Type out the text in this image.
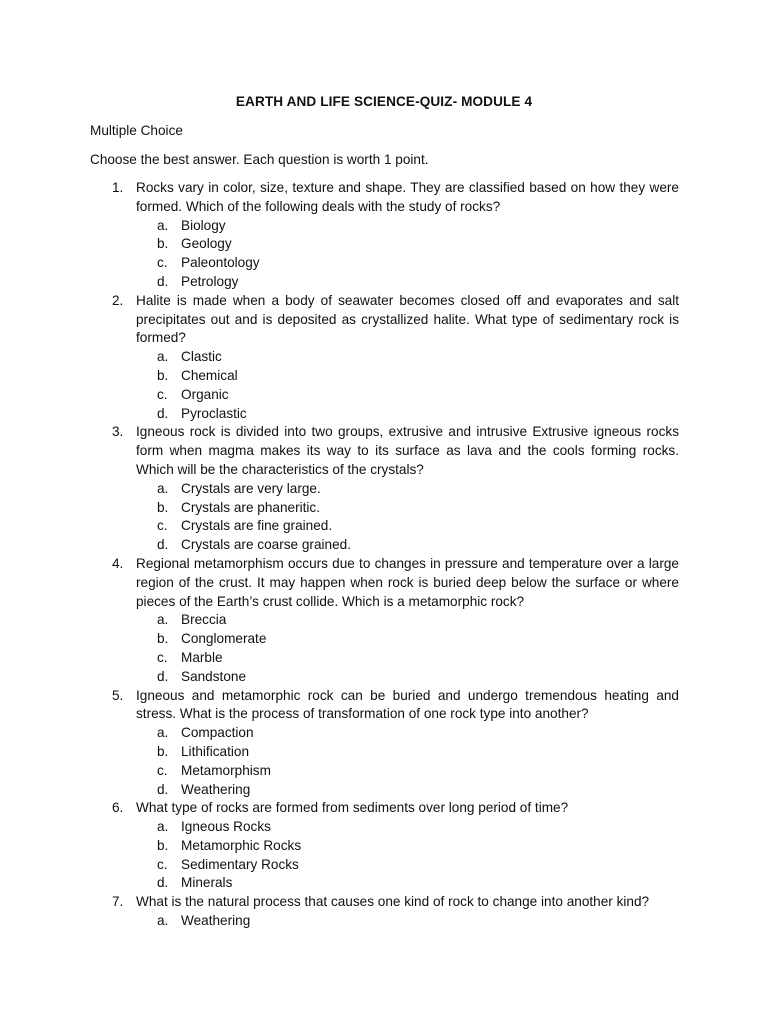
EARTH AND LIFE SCIENCE-QUIZ- MODULE 4
Multiple Choice
Choose the best answer. Each question is worth 1 point.
1. Rocks vary in color, size, texture and shape. They are classified based on how they were formed. Which of the following deals with the study of rocks?
a. Biology
b. Geology
c. Paleontology
d. Petrology
2. Halite is made when a body of seawater becomes closed off and evaporates and salt precipitates out and is deposited as crystallized halite. What type of sedimentary rock is formed?
a. Clastic
b. Chemical
c. Organic
d. Pyroclastic
3. Igneous rock is divided into two groups, extrusive and intrusive Extrusive igneous rocks form when magma makes its way to its surface as lava and the cools forming rocks. Which will be the characteristics of the crystals?
a. Crystals are very large.
b. Crystals are phaneritic.
c. Crystals are fine grained.
d. Crystals are coarse grained.
4. Regional metamorphism occurs due to changes in pressure and temperature over a large region of the crust. It may happen when rock is buried deep below the surface or where pieces of the Earth’s crust collide. Which is a metamorphic rock?
a. Breccia
b. Conglomerate
c. Marble
d. Sandstone
5. Igneous and metamorphic rock can be buried and undergo tremendous heating and stress. What is the process of transformation of one rock type into another?
a. Compaction
b. Lithification
c. Metamorphism
d. Weathering
6. What type of rocks are formed from sediments over long period of time?
a. Igneous Rocks
b. Metamorphic Rocks
c. Sedimentary Rocks
d. Minerals
7. What is the natural process that causes one kind of rock to change into another kind?
a. Weathering
